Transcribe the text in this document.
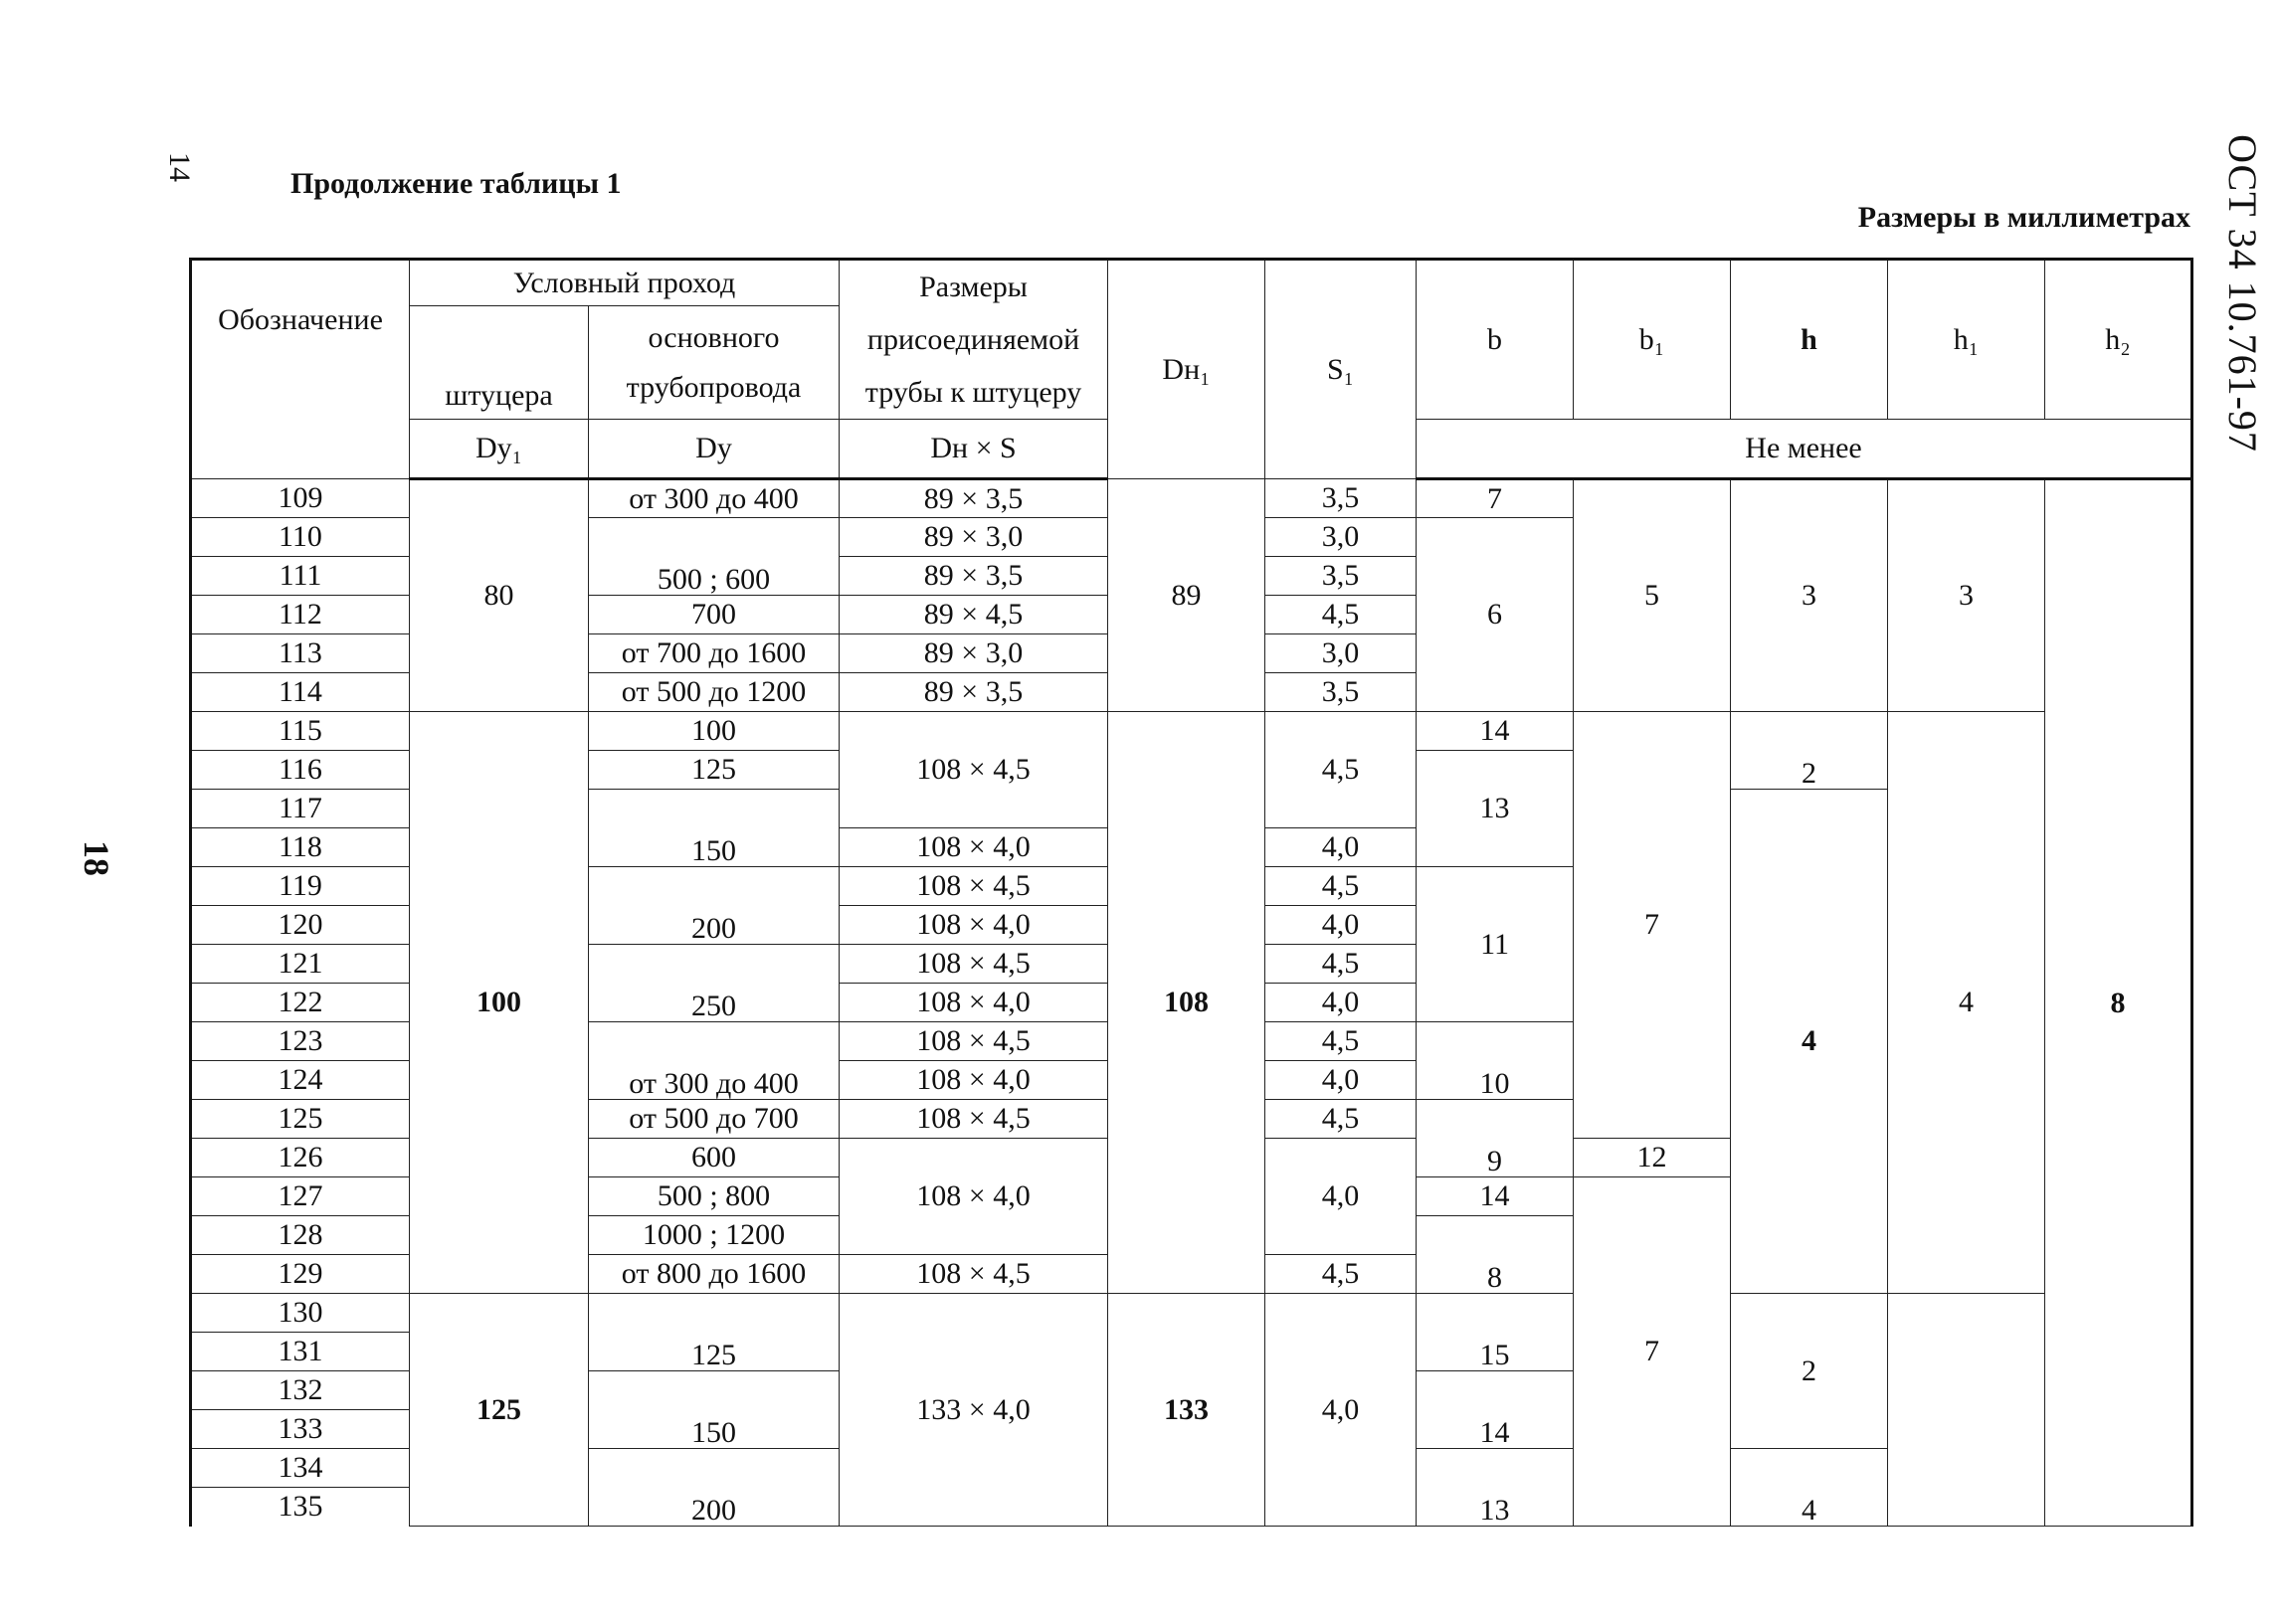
14
18
ОСТ 34 10.761-97
Продолжение таблицы 1
Размеры в миллиметрах
Обозначение	Условный проход		Размеры присоединяемой трубы к штуцеру	Dн₁	S₁	b	b₁	h	h₁	h₂
	штуцера	основного трубопровода								
	Dу₁	Dу	Dн × S			Не менее				
109	80	от 300 до 400	89 × 3,5	89	3,5	7	5	3	3	8
110		500 ; 600	89 × 3,0		3,0	6				
111			89 × 3,5		3,5					
112		700	89 × 4,5		4,5					
113		от 700 до 1600	89 × 3,0		3,0					
114		от 500 до 1200	89 × 3,5		3,5					
115	100	100	108 × 4,5	108	4,5	14	7	2	4	
116		125				13				
117		150						4		
118			108 × 4,0		4,0					
119		200	108 × 4,5		4,5	11				
120			108 × 4,0		4,0					
121		250	108 × 4,5		4,5					
122			108 × 4,0		4,0					
123		от 300 до 400	108 × 4,5		4,5	10				
124			108 × 4,0		4,0					
125		от 500 до 700	108 × 4,5		4,5	9				
126		600	108 × 4,0		4,0		12			
127		500 ; 800				14	7			
128		1000 ; 1200				8				
129		от 800 до 1600	108 × 4,5		4,5					
130	125	125	133 × 4,0	133	4,0	15		2		
131										
132		150				14				
133										
134		200				13		4		
135										
